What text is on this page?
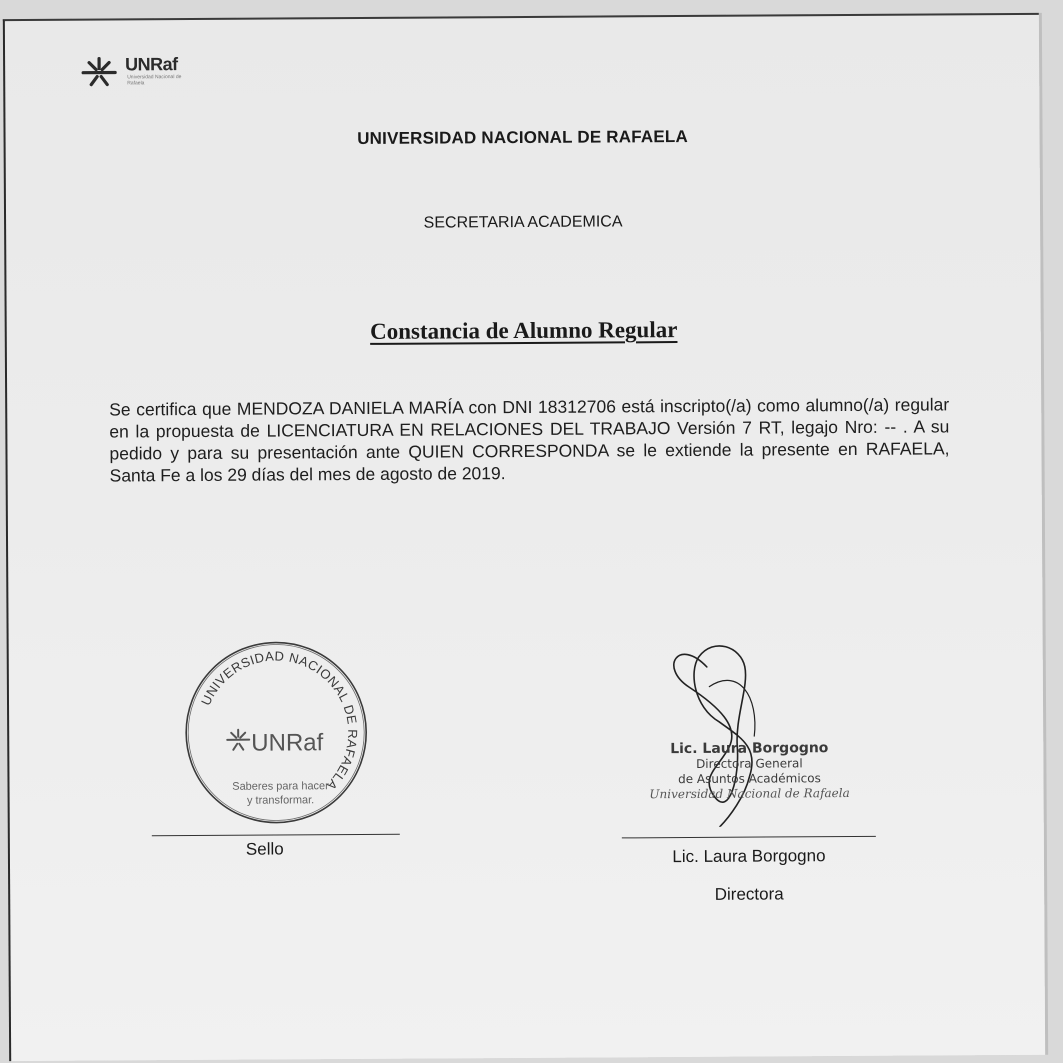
UNRaf
Universidad Nacional de Rafaela
UNIVERSIDAD NACIONAL DE RAFAELA
SECRETARIA ACADEMICA
Constancia de Alumno Regular
Se certifica que MENDOZA DANIELA MARÍA con DNI 18312706 está inscripto(/a) como alumno(/a) regular en la propuesta de LICENCIATURA EN RELACIONES DEL TRABAJO Versión 7 RT, legajo Nro: -- . A su pedido y para su presentación ante QUIEN CORRESPONDA se le extiende la presente en RAFAELA, Santa Fe a los 29 días del mes de agosto de 2019.
UNIVERSIDAD NACIONAL DE RAFAELA
UNRaf
Saberes para hacer
y transformar.
Sello
Lic. Laura Borgogno
Directora General
de Asuntos Académicos
Universidad Nacional de Rafaela
Lic. Laura Borgogno
Directora
